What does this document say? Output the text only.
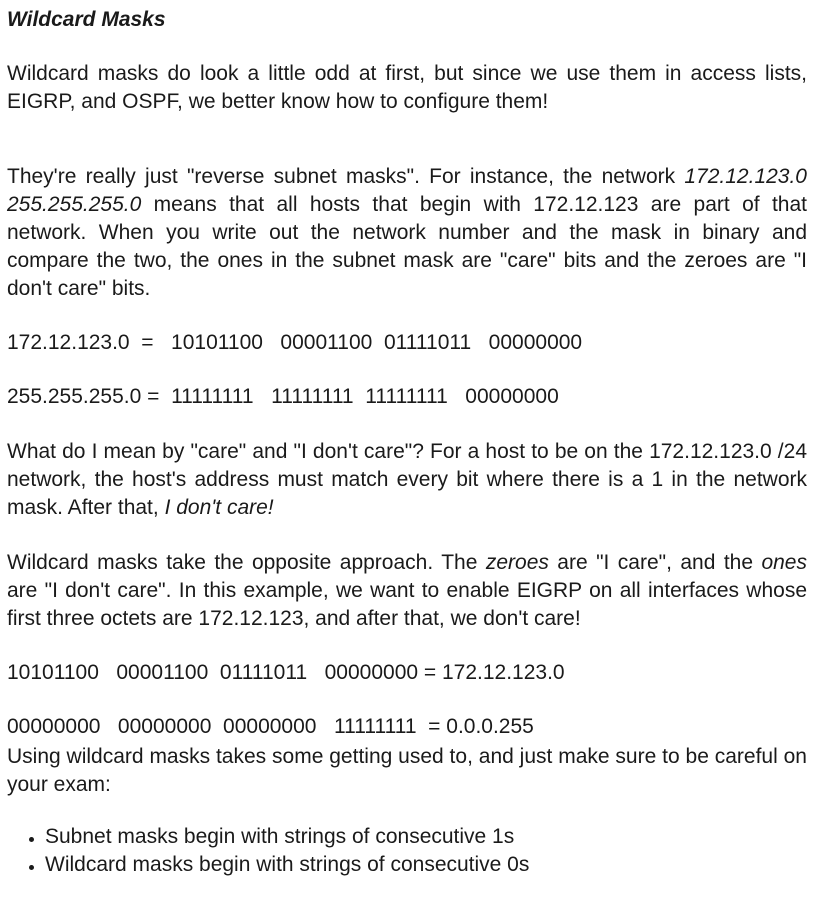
Wildcard Masks

Wildcard masks do look a little odd at first, but since we use them in access lists, EIGRP, and OSPF, we better know how to configure them!

They're really just "reverse subnet masks". For instance, the network 172.12.123.0 255.255.255.0 means that all hosts that begin with 172.12.123 are part of that network. When you write out the network number and the mask in binary and compare the two, the ones in the subnet mask are "care" bits and the zeroes are "I don't care" bits.

172.12.123.0  =   10101100   00001100  01111011   00000000
255.255.255.0 =  11111111   11111111  11111111   00000000

What do I mean by "care" and "I don't care"? For a host to be on the 172.12.123.0 /24 network, the host's address must match every bit where there is a 1 in the network mask. After that, I don't care!

Wildcard masks take the opposite approach. The zeroes are "I care", and the ones are "I don't care". In this example, we want to enable EIGRP on all interfaces whose first three octets are 172.12.123, and after that, we don't care!

10101100   00001100  01111011   00000000 = 172.12.123.0
00000000   00000000  00000000   11111111  = 0.0.0.255

Using wildcard masks takes some getting used to, and just make sure to be careful on your exam:

Subnet masks begin with strings of consecutive 1s
Wildcard masks begin with strings of consecutive 0s
